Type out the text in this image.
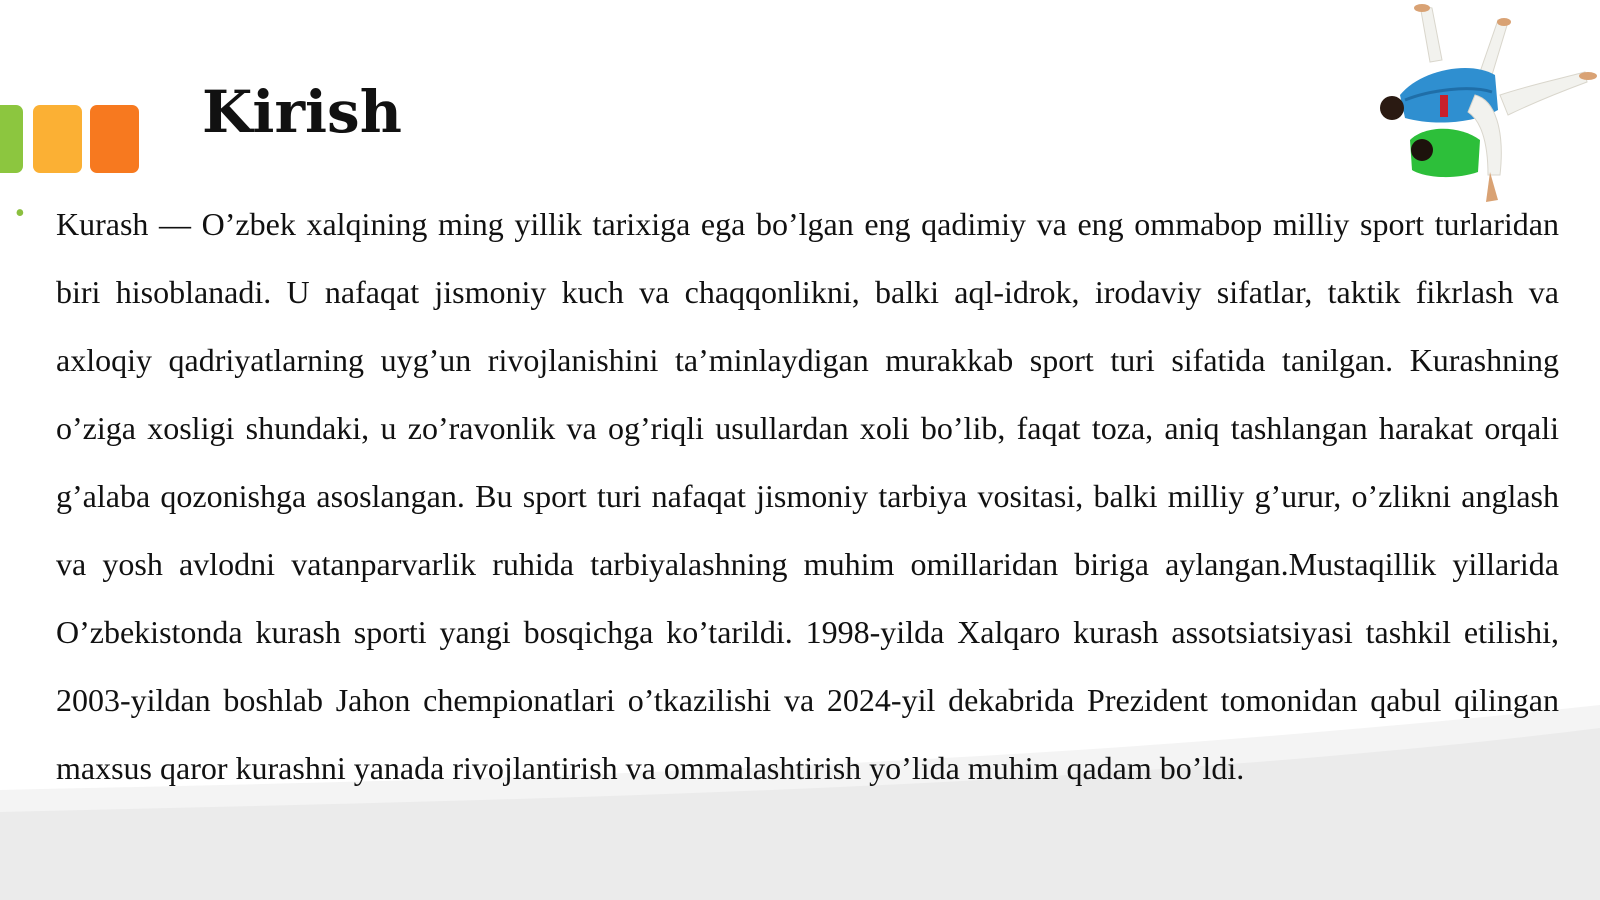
Kirish

• Kurash — O’zbek xalqining ming yillik tarixiga ega bo’lgan eng qadimiy va eng ommabop milliy sport turlaridan biri hisoblanadi. U nafaqat jismoniy kuch va chaqqonlikni, balki aql-idrok, irodaviy sifatlar, taktik fikrlash va axloqiy qadriyatlarning uyg’un rivojlanishini ta’minlaydigan murakkab sport turi sifatida tanilgan. Kurashning o’ziga xosligi shundaki, u zo’ravonlik va og’riqli usullardan xoli bo’lib, faqat toza, aniq tashlangan harakat orqali g’alaba qozonishga asoslangan. Bu sport turi nafaqat jismoniy tarbiya vositasi, balki milliy g’urur, o’zlikni anglash va yosh avlodni vatanparvarlik ruhida tarbiyalashning muhim omillaridan biriga aylangan.Mustaqillik yillarida O’zbekistonda kurash sporti yangi bosqichga ko’tarildi. 1998-yilda Xalqaro kurash assotsiatsiyasi tashkil etilishi, 2003-yildan boshlab Jahon chempionatlari o’tkazilishi va 2024-yil dekabrida Prezident tomonidan qabul qilingan maxsus qaror kurashni yanada rivojlantirish va ommalashtirish yo’lida muhim qadam bo’ldi.
